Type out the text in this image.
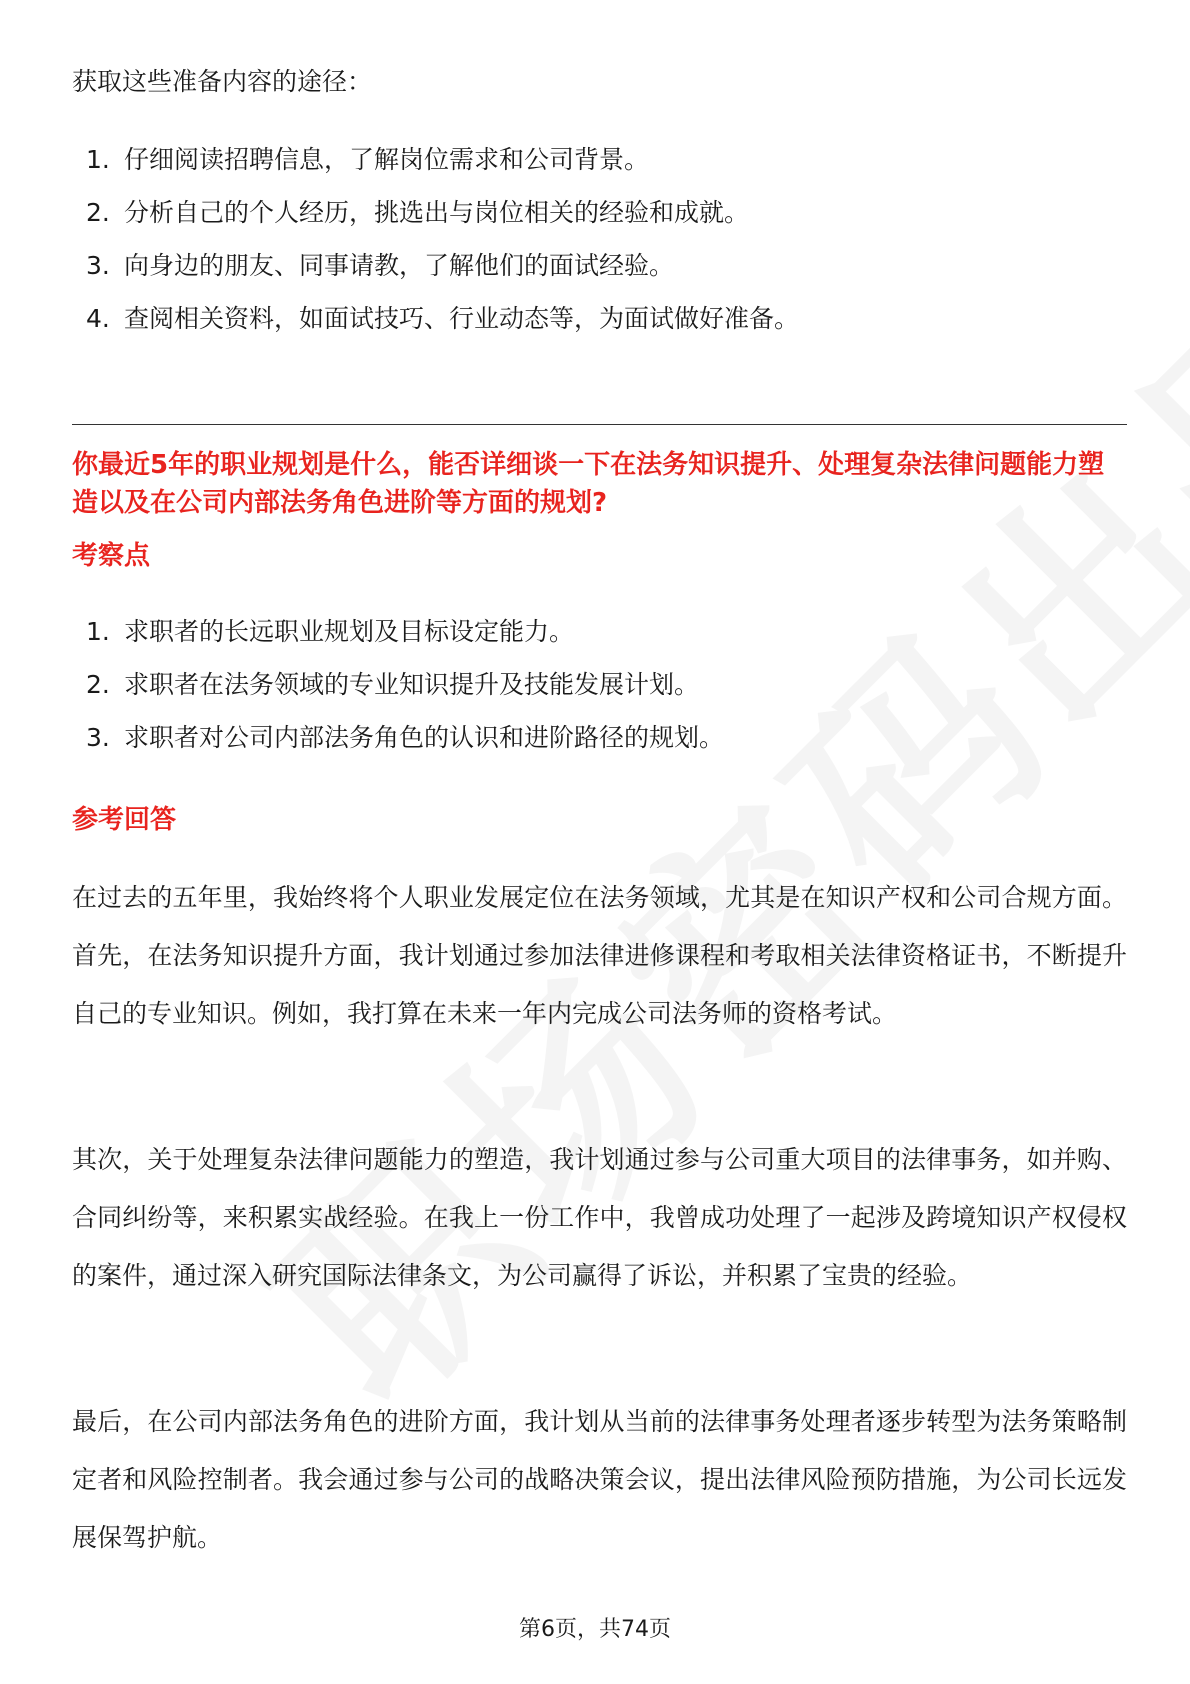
获取这些准备内容的途径：

1. 仔细阅读招聘信息，了解岗位需求和公司背景。
2. 分析自己的个人经历，挑选出与岗位相关的经验和成就。
3. 向身边的朋友、同事请教，了解他们的面试经验。
4. 查阅相关资料，如面试技巧、行业动态等，为面试做好准备。

你最近5年的职业规划是什么，能否详细谈一下在法务知识提升、处理复杂法律问题能力塑造以及在公司内部法务角色进阶等方面的规划?

考察点

1. 求职者的长远职业规划及目标设定能力。
2. 求职者在法务领域的专业知识提升及技能发展计划。
3. 求职者对公司内部法务角色的认识和进阶路径的规划。

参考回答

在过去的五年里，我始终将个人职业发展定位在法务领域，尤其是在知识产权和公司合规方面。首先，在法务知识提升方面，我计划通过参加法律进修课程和考取相关法律资格证书，不断提升自己的专业知识。例如，我打算在未来一年内完成公司法务师的资格考试。

其次，关于处理复杂法律问题能力的塑造，我计划通过参与公司重大项目的法律事务，如并购、合同纠纷等，来积累实战经验。在我上一份工作中，我曾成功处理了一起涉及跨境知识产权侵权的案件，通过深入研究国际法律条文，为公司赢得了诉讼，并积累了宝贵的经验。

最后，在公司内部法务角色的进阶方面，我计划从当前的法律事务处理者逐步转型为法务策略制定者和风险控制者。我会通过参与公司的战略决策会议，提出法律风险预防措施，为公司长远发展保驾护航。

第6页，共74页
